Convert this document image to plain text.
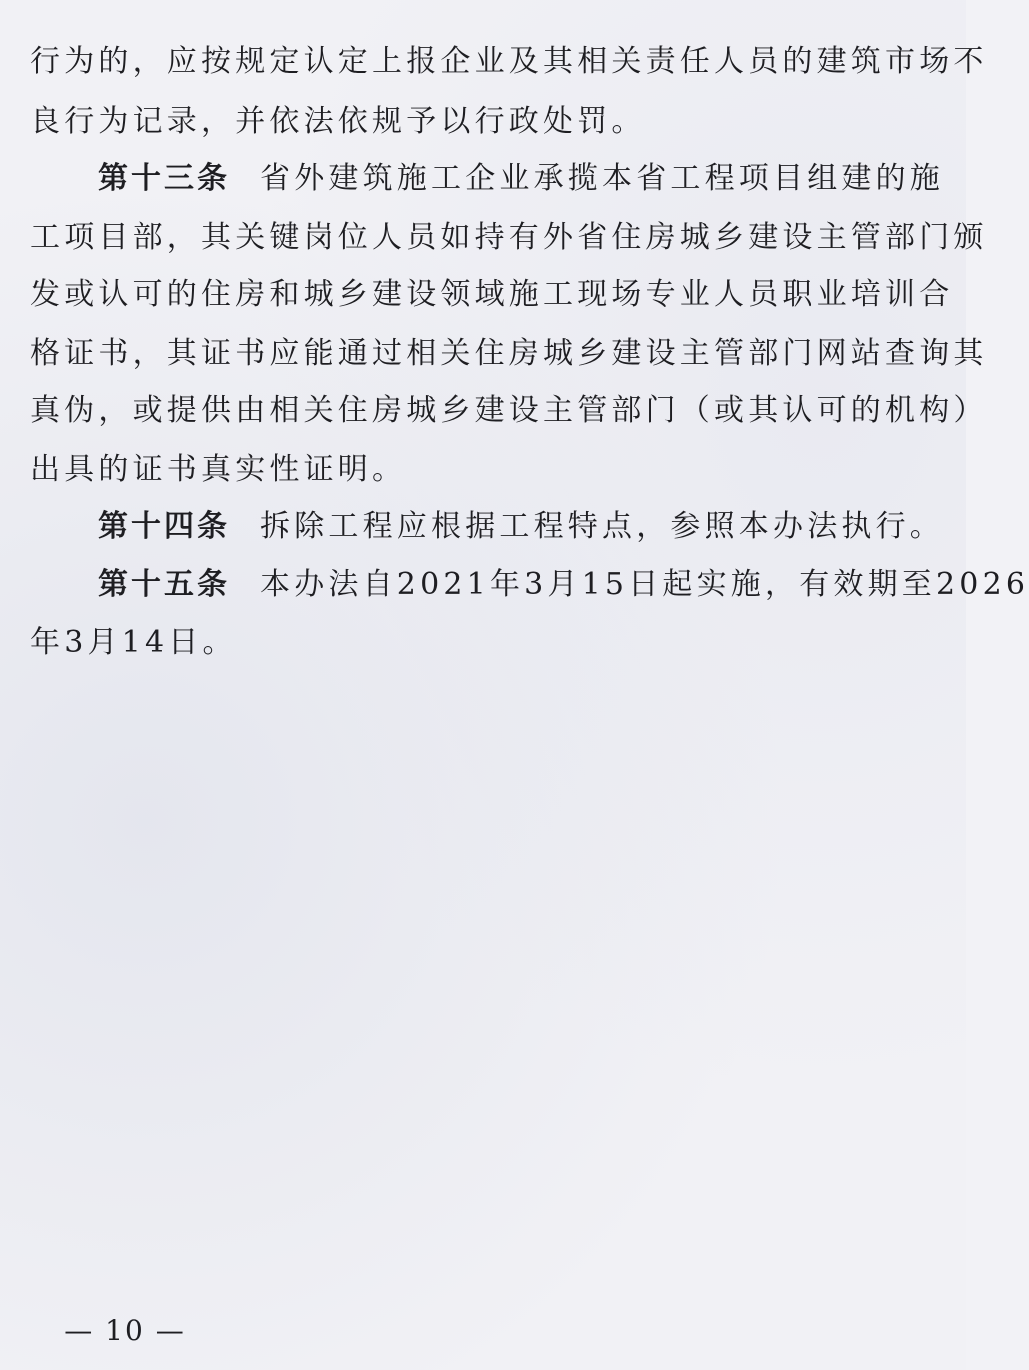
行为的，应按规定认定上报企业及其相关责任人员的建筑市场不
良行为记录，并依法依规予以行政处罚。
第十三条 省外建筑施工企业承揽本省工程项目组建的施
工项目部，其关键岗位人员如持有外省住房城乡建设主管部门颁
发或认可的住房和城乡建设领域施工现场专业人员职业培训合
格证书，其证书应能通过相关住房城乡建设主管部门网站查询其
真伪，或提供由相关住房城乡建设主管部门（或其认可的机构）
出具的证书真实性证明。
第十四条 拆除工程应根据工程特点，参照本办法执行。
第十五条 本办法自2021年3月15日起实施，有效期至2026
年3月14日。
— 10 —
